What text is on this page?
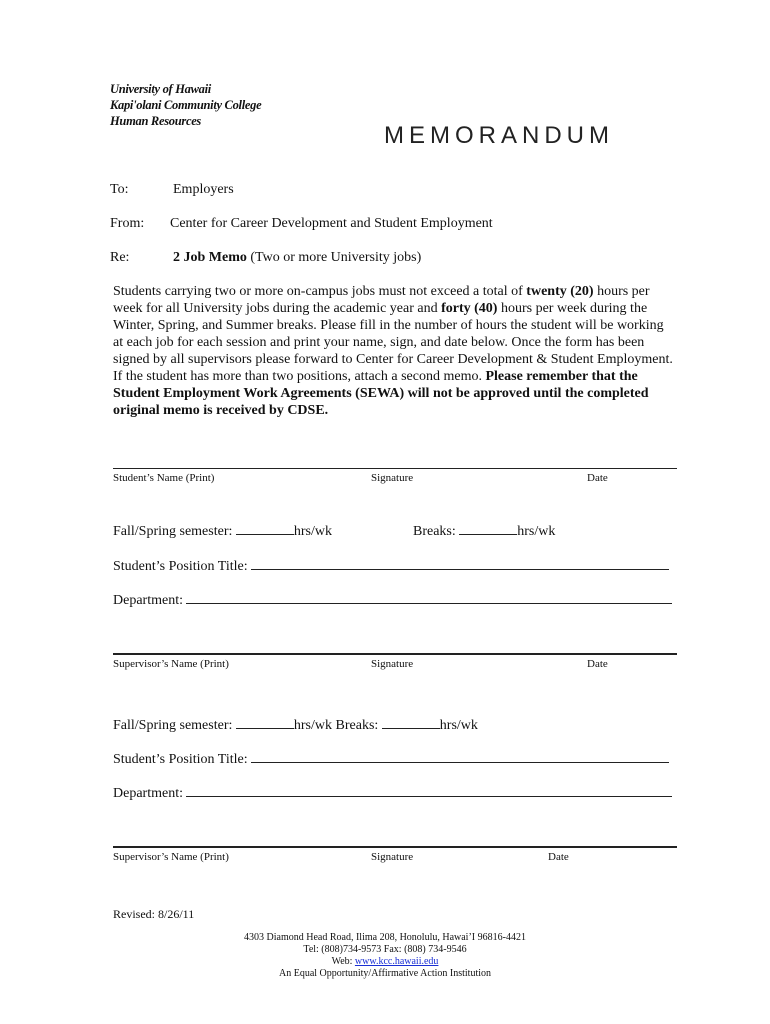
University of Hawaii
Kapi'olani Community College
Human Resources
MEMORANDUM
To:	Employers
From: Center for Career Development and Student Employment
Re:	2 Job Memo (Two or more University jobs)
Students carrying two or more on-campus jobs must not exceed a total of twenty (20) hours per week for all University jobs during the academic year and forty (40) hours per week during the Winter, Spring, and Summer breaks. Please fill in the number of hours the student will be working at each job for each session and print your name, sign, and date below. Once the form has been signed by all supervisors please forward to Center for Career Development & Student Employment. If the student has more than two positions, attach a second memo. Please remember that the Student Employment Work Agreements (SEWA) will not be approved until the completed original memo is received by CDSE.
Student’s Name (Print)	Signature	Date
Fall/Spring semester:	hrs/wk	Breaks:	hrs/wk
Student’s Position Title:
Department:
Supervisor’s Name (Print)	Signature	Date
Fall/Spring semester:	hrs/wk Breaks:	hrs/wk
Student’s Position Title:
Department:
Supervisor’s Name (Print)	Signature	Date
Revised: 8/26/11
4303 Diamond Head Road, Ilima 208, Honolulu, Hawai’I 96816-4421
Tel: (808)734-9573 Fax: (808) 734-9546
Web: www.kcc.hawaii.edu
An Equal Opportunity/Affirmative Action Institution
